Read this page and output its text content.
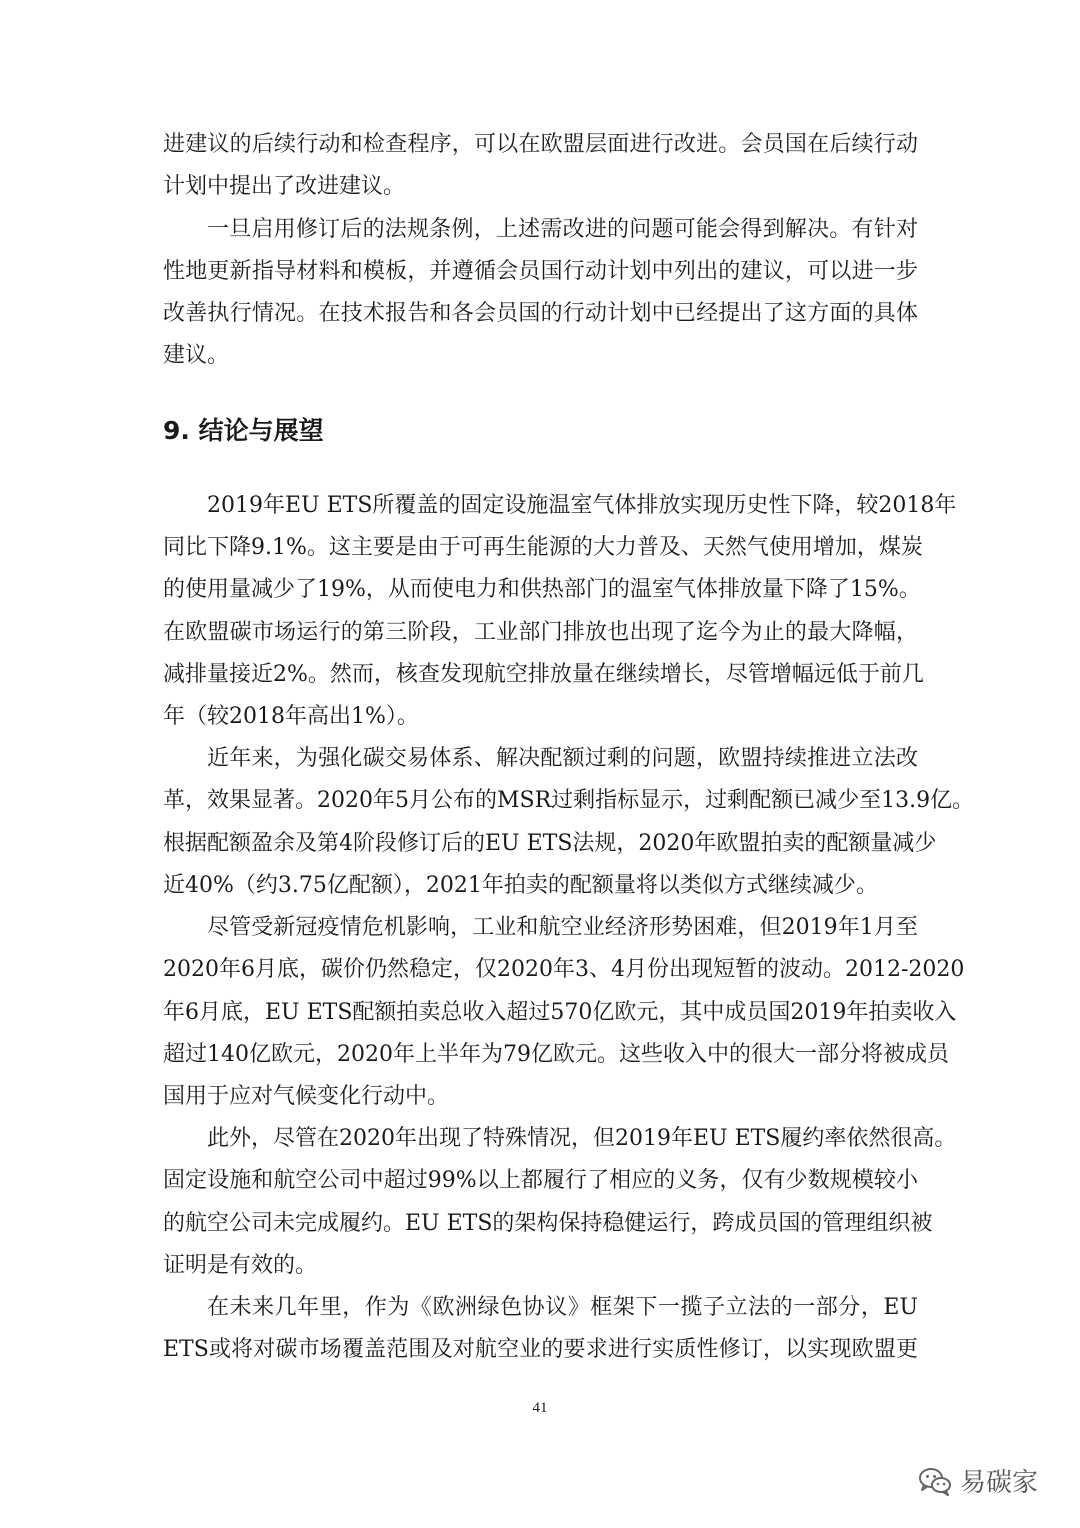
进建议的后续行动和检查程序，可以在欧盟层面进行改进。会员国在后续行动
计划中提出了改进建议。
一旦启用修订后的法规条例，上述需改进的问题可能会得到解决。有针对
性地更新指导材料和模板，并遵循会员国行动计划中列出的建议，可以进一步
改善执行情况。在技术报告和各会员国的行动计划中已经提出了这方面的具体
建议。
9. 结论与展望
2019年EU ETS所覆盖的固定设施温室气体排放实现历史性下降，较2018年
同比下降9.1%。这主要是由于可再生能源的大力普及、天然气使用增加，煤炭
的使用量减少了19%，从而使电力和供热部门的温室气体排放量下降了15%。
在欧盟碳市场运行的第三阶段，工业部门排放也出现了迄今为止的最大降幅，
减排量接近2%。然而，核查发现航空排放量在继续增长，尽管增幅远低于前几
年（较2018年高出1%）。
近年来，为强化碳交易体系、解决配额过剩的问题，欧盟持续推进立法改
革，效果显著。2020年5月公布的MSR过剩指标显示，过剩配额已减少至13.9亿。
根据配额盈余及第4阶段修订后的EU ETS法规，2020年欧盟拍卖的配额量减少
近40%（约3.75亿配额），2021年拍卖的配额量将以类似方式继续减少。
尽管受新冠疫情危机影响，工业和航空业经济形势困难，但2019年1月至
2020年6月底，碳价仍然稳定，仅2020年3、4月份出现短暂的波动。2012-2020
年6月底，EU ETS配额拍卖总收入超过570亿欧元，其中成员国2019年拍卖收入
超过140亿欧元，2020年上半年为79亿欧元。这些收入中的很大一部分将被成员
国用于应对气候变化行动中。
此外，尽管在2020年出现了特殊情况，但2019年EU ETS履约率依然很高。
固定设施和航空公司中超过99%以上都履行了相应的义务，仅有少数规模较小
的航空公司未完成履约。EU ETS的架构保持稳健运行，跨成员国的管理组织被
证明是有效的。
在未来几年里，作为《欧洲绿色协议》框架下一揽子立法的一部分，EU
ETS或将对碳市场覆盖范围及对航空业的要求进行实质性修订，以实现欧盟更
41
易碳家
